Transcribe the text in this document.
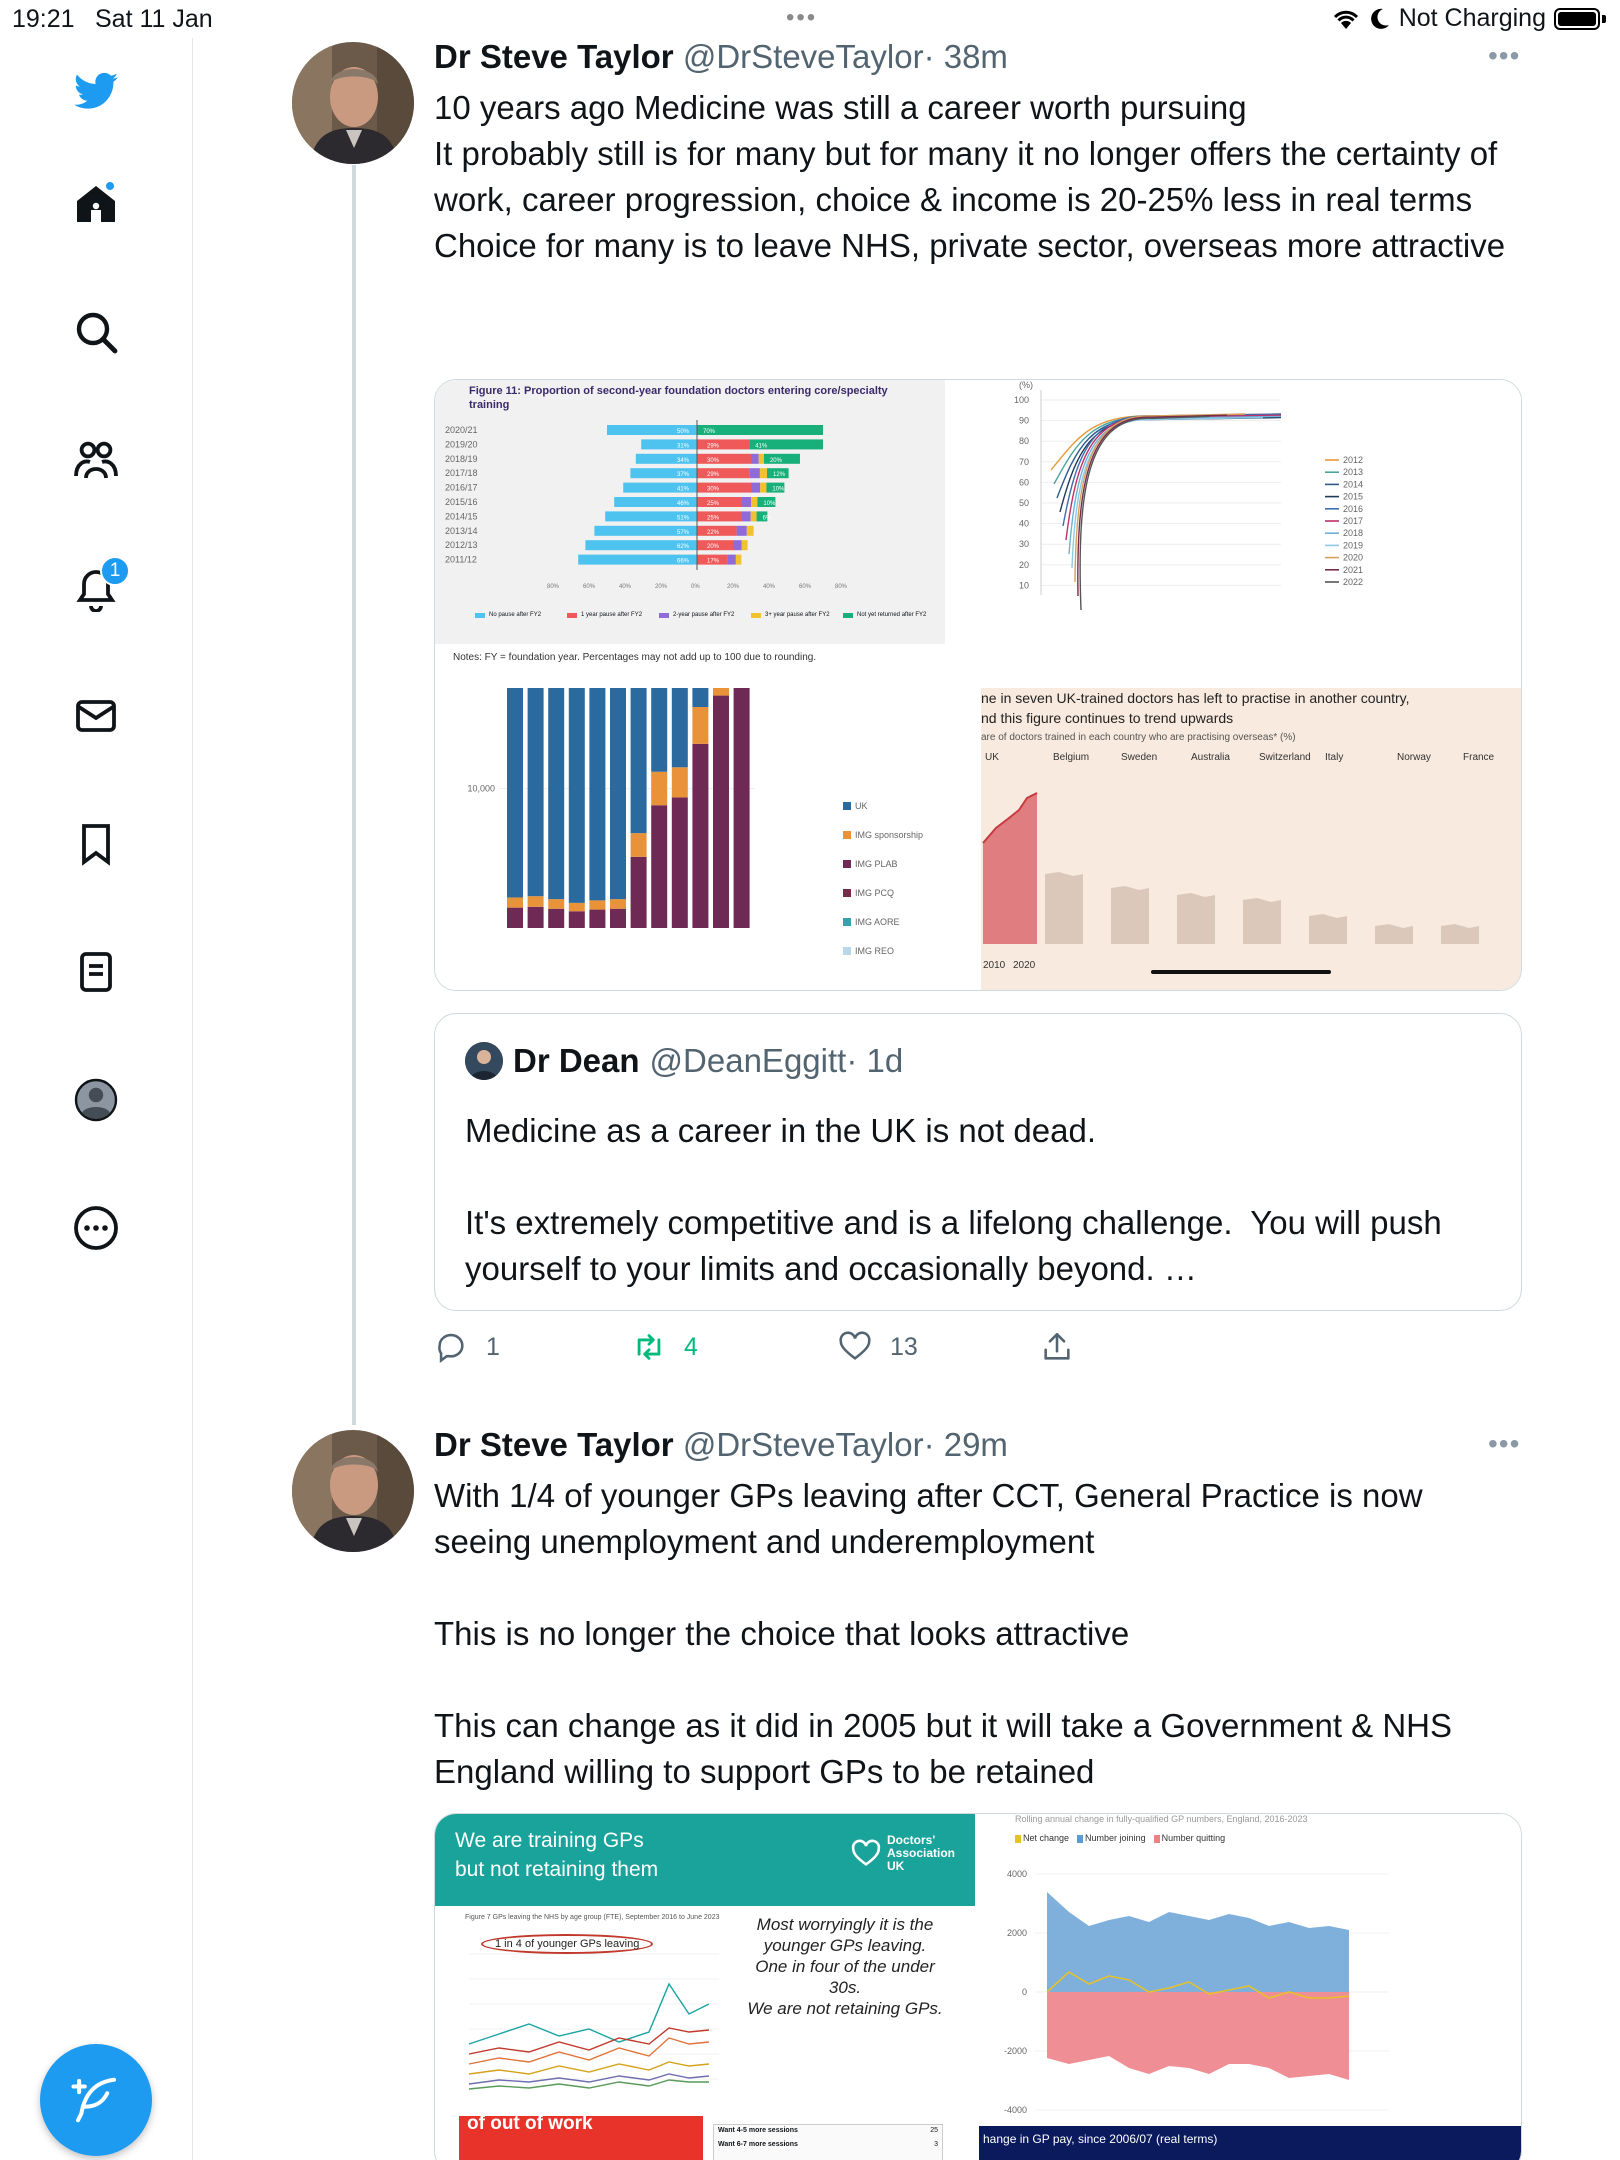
19:21 Sat 11 Jan	•••	Not Charging
1
Dr Steve Taylor @DrSteveTaylor· 38m	•••
10 years ago Medicine was still a career worth pursuing
It probably still is for many but for many it no longer offers the certainty of work, career progression, choice & income is 20-25% less in real terms
Choice for many is to leave NHS, private sector, overseas more attractive
Figure 11: Proportion of second-year foundation doctors entering core/specialty training
2020/21	50% 70%
2019/20	31%	29%	41%
2018/19	34%	30%	20%
2017/18	37%	29%	12%
2016/17	41%	30%	10%
2015/16	46%	25%	10%
2014/15	51%	25%	6%
2013/14	57%	22%
2012/13	62%	20%
2011/12	66%	17%
80%	60%	40%	20%	0%	20%	40%	60%	80%
No pause after FY2	1 year pause after FY2	2-year pause after FY2	3+ year pause after FY2	Not yet returned after FY2
Notes: FY = foundation year. Percentages may not add up to 100 due to rounding.
(%)
100
90
80
70
60
50
40
30
20
10
2012
2013
2014
2015
2016
2017
2018
2019
2020
2021
2022
10,000
UK
IMG sponsorship
IMG PLAB
IMG PCQ
IMG AORE
IMG REO
ne in seven UK-trained doctors has left to practise in another country,
nd this figure continues to trend upwards
are of doctors trained in each country who are practising overseas* (%)
UK	Belgium	Sweden	Australia	Switzerland Italy	Norway	France
2010 2020
Dr Dean @DeanEggitt · 1d
Medicine as a career in the UK is not dead.

It's extremely competitive and is a lifelong challenge.  You will push yourself to your limits and occasionally beyond. …
1	4	13
Dr Steve Taylor @DrSteveTaylor· 29m	•••
With 1/4 of younger GPs leaving after CCT, General Practice is now seeing unemployment and underemployment

This is no longer the choice that looks attractive

This can change as it did in 2005 but it will take a Government & NHS England willing to support GPs to be retained
We are training GPs
but not retaining them
Doctors'
Association
UK
Figure 7 GPs leaving the NHS by age group (FTE), September 2016 to June 2023
1 in 4 of younger GPs leaving
Most worryingly it is the younger GPs leaving.
One in four of the under 30s.
We are not retaining GPs.
of out of work	Want 4-5 more sessions	25
Want 6-7 more sessions	3
Rolling annual change in fully-qualified GP numbers, England, 2016-2023
Net change Number joining Number quitting
4000
2000
0
-2000
-4000
hange in GP pay, since 2006/07 (real terms)
